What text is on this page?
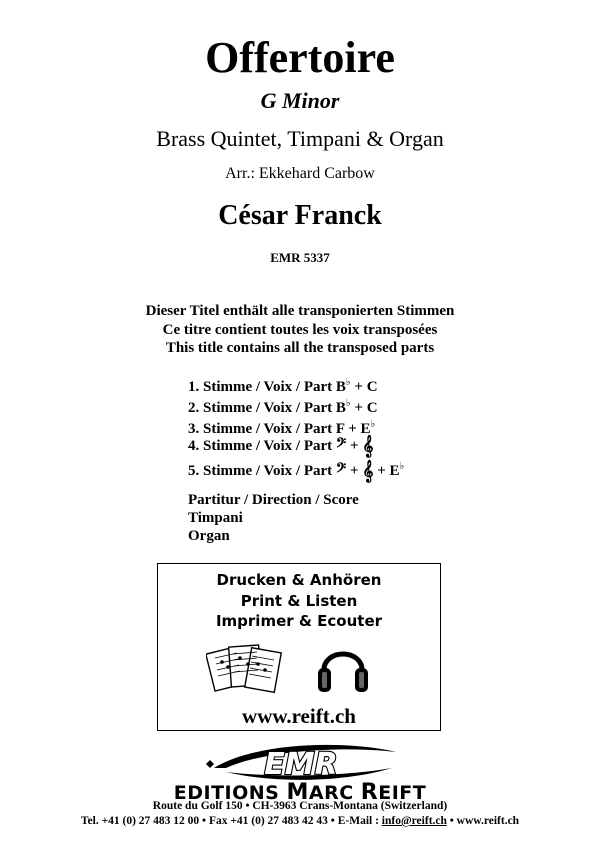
Offertoire
G Minor
Brass Quintet, Timpani & Organ
Arr.: Ekkehard Carbow
César Franck
EMR 5337
Dieser Titel enthält alle transponierten Stimmen
Ce titre contient toutes les voix transposées
This title contains all the transposed parts
1. Stimme / Voix / Part B♭ + C
2. Stimme / Voix / Part B♭ + C
3. Stimme / Voix / Part F + E♭
4. Stimme / Voix / Part 𝄢 + 𝄞
5. Stimme / Voix / Part 𝄢 + 𝄞 + E♭
Partitur / Direction / Score
Timpani
Organ
Drucken & Anhören
Print & Listen
Imprimer & Ecouter
www.reift.ch
EMR
EDITIONS MARC REIFT
Route du Golf 150 • CH-3963 Crans-Montana (Switzerland)
Tel. +41 (0) 27 483 12 00 • Fax +41 (0) 27 483 42 43 • E-Mail : info@reift.ch • www.reift.ch
